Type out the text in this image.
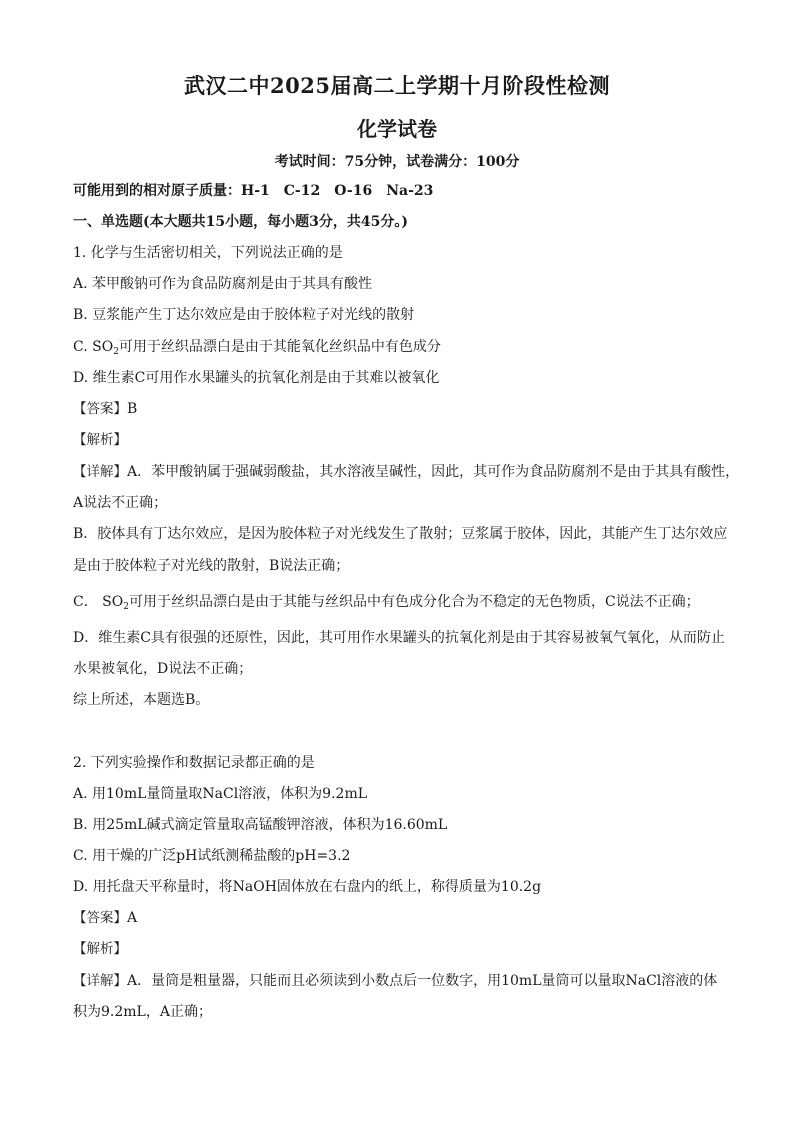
武汉二中2025届高二上学期十月阶段性检测
化学试卷
考试时间：75分钟，试卷满分：100分
可能用到的相对原子质量：H-1　C-12　O-16　Na-23
一、单选题(本大题共15小题，每小题3分，共45分。)
1. 化学与生活密切相关，下列说法正确的是
A. 苯甲酸钠可作为食品防腐剂是由于其具有酸性
B. 豆浆能产生丁达尔效应是由于胶体粒子对光线的散射
C. $SO_2$可用于丝织品漂白是由于其能氧化丝织品中有色成分
D. 维生素C可用作水果罐头的抗氧化剂是由于其难以被氧化
【答案】B
【解析】
【详解】A．苯甲酸钠属于强碱弱酸盐，其水溶液呈碱性，因此，其可作为食品防腐剂不是由于其具有酸性，
A说法不正确；
B．胶体具有丁达尔效应，是因为胶体粒子对光线发生了散射；豆浆属于胶体，因此，其能产生丁达尔效应
是由于胶体粒子对光线的散射，B说法正确；
C． $SO_2$可用于丝织品漂白是由于其能与丝织品中有色成分化合为不稳定的无色物质，C说法不正确；
D．维生素C具有很强的还原性，因此，其可用作水果罐头的抗氧化剂是由于其容易被氧气氧化，从而防止
水果被氧化，D说法不正确；
综上所述，本题选B。
2. 下列实验操作和数据记录都正确的是
A. 用10mL量筒量取NaCl溶液，体积为9.2mL
B. 用25mL碱式滴定管量取高锰酸钾溶液，体积为16.60mL
C. 用干燥的广泛pH试纸测稀盐酸的pH=3.2
D. 用托盘天平称量时，将NaOH固体放在右盘内的纸上，称得质量为10.2g
【答案】A
【解析】
【详解】A．量筒是粗量器，只能而且必须读到小数点后一位数字，用10mL量筒可以量取NaCl溶液的体
积为9.2mL，A正确；
